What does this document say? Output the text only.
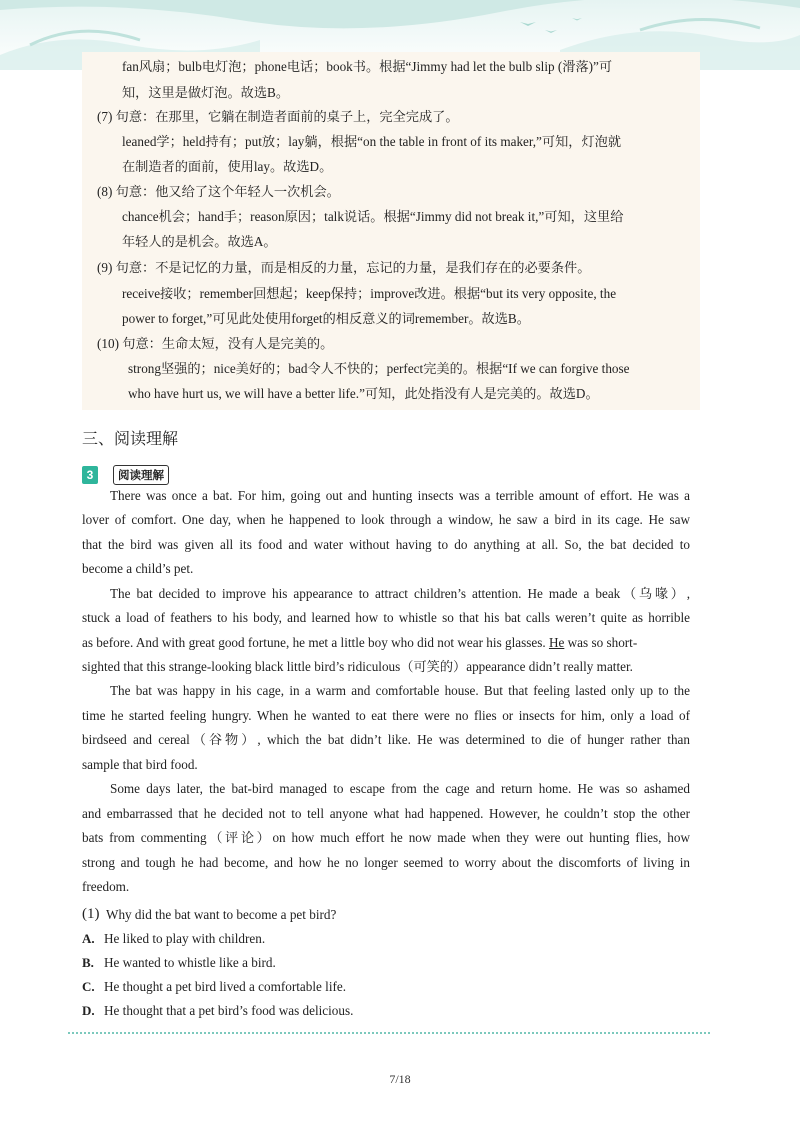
fan风扇；bulb电灯泡；phone电话；book书。根据“Jimmy had let the bulb slip (滑落)”可
知，这里是做灯泡。故选B。
(7) 句意：在那里，它躺在制造者面前的桌子上，完全完成了。
leaned学；held持有；put放；lay躺，根据“on the table in front of its maker,”可知，灯泡就
在制造者的面前，使用lay。故选D。
(8) 句意：他又给了这个年轻人一次机会。
chance机会；hand手；reason原因；talk说话。根据“Jimmy did not break it,”可知，这里给
年轻人的是机会。故选A。
(9) 句意：不是记忆的力量，而是相反的力量，忘记的力量，是我们存在的必要条件。
receive接收；remember回想起；keep保持；improve改进。根据“but its very opposite, the
power to forget,”可见此处使用forget的相反意义的词remember。故选B。
(10) 句意：生命太短，没有人是完美的。
strong坚强的；nice美好的；bad令人不快的；perfect完美的。根据“If we can forgive those
who have hurt us, we will have a better life.”可知，此处指没有人是完美的。故选D。
三、阅读理解
3	阅读理解
There was once a bat. For him, going out and hunting insects was a terrible amount of effort. He was a
lover of comfort. One day, when he happened to look through a window, he saw a bird in its cage. He saw
that the bird was given all its food and water without having to do anything at all. So, the bat decided to
become a child’s pet.
The bat decided to improve his appearance to attract children’s attention. He made a beak（乌喙）,
stuck a load of feathers to his body, and learned how to whistle so that his bat calls weren’t quite as horrible
as before. And with great good fortune, he met a little boy who did not wear his glasses. He was so short-
sighted that this strange-looking black little bird’s ridiculous（可笑的）appearance didn’t really matter.
The bat was happy in his cage, in a warm and comfortable house. But that feeling lasted only up to the
time he started feeling hungry. When he wanted to eat there were no flies or insects for him, only a load of
birdseed and cereal（谷物）, which the bat didn’t like. He was determined to die of hunger rather than
sample that bird food.
Some days later, the bat-bird managed to escape from the cage and return home. He was so ashamed
and embarrassed that he decided not to tell anyone what had happened. However, he couldn’t stop the other
bats from commenting（评论）on how much effort he now made when they were out hunting flies, how
strong and tough he had become, and how he no longer seemed to worry about the discomforts of living in
freedom.
(1) Why did the bat want to become a pet bird?
A. He liked to play with children.
B. He wanted to whistle like a bird.
C. He thought a pet bird lived a comfortable life.
D. He thought that a pet bird’s food was delicious.
7/18
